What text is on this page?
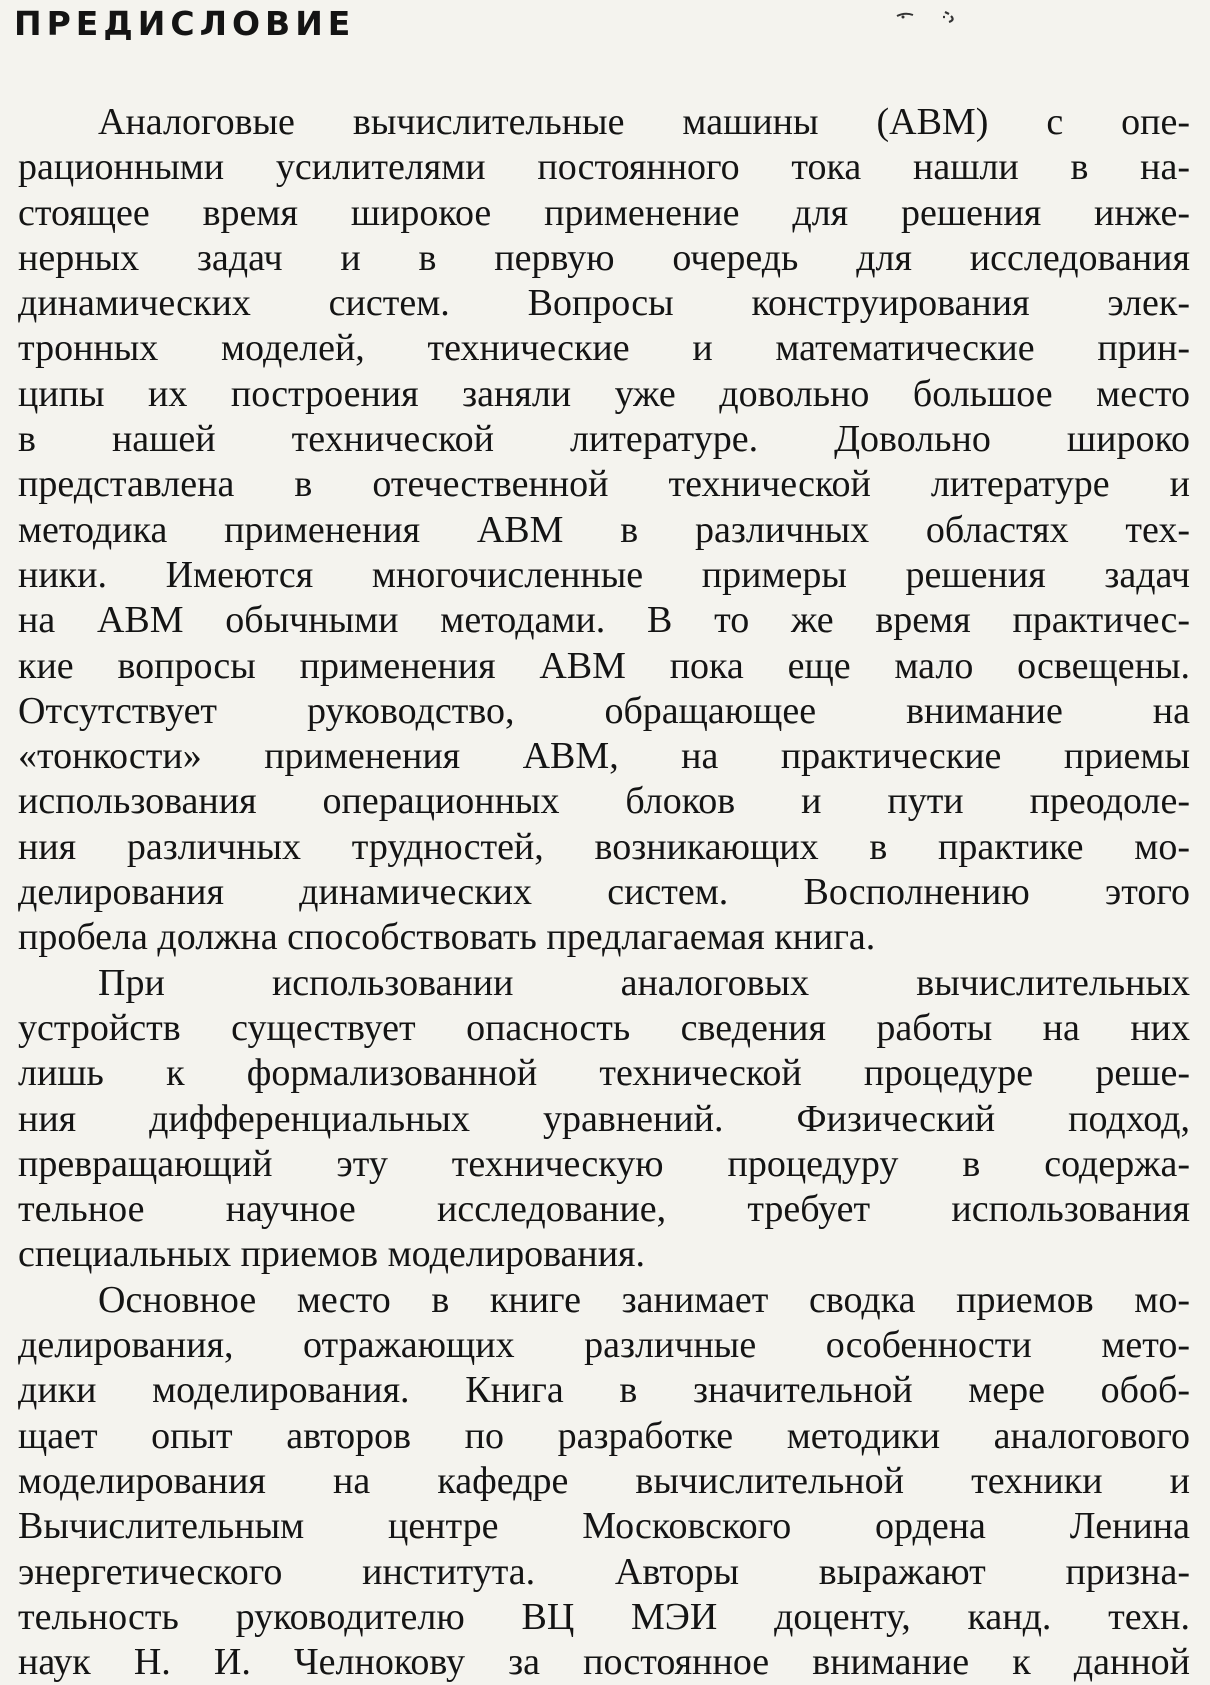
ПРЕДИСЛОВИЕ
Аналоговые вычислительные машины (АВМ) с опе-
рационными усилителями постоянного тока нашли в на-
стоящее время широкое применение для решения инже-
нерных задач и в первую очередь для исследования
динамических систем. Вопросы конструирования элек-
тронных моделей, технические и математические прин-
ципы их построения заняли уже довольно большое место
в нашей технической литературе. Довольно широко
представлена в отечественной технической литературе и
методика применения АВМ в различных областях тех-
ники. Имеются многочисленные примеры решения задач
на АВМ обычными методами. В то же время практичес-
кие вопросы применения АВМ пока еще мало освещены.
Отсутствует руководство, обращающее внимание на
«тонкости» применения АВМ, на практические приемы
использования операционных блоков и пути преодоле-
ния различных трудностей, возникающих в практике мо-
делирования динамических систем. Восполнению этого
пробела должна способствовать предлагаемая книга.
При использовании аналоговых вычислительных
устройств существует опасность сведения работы на них
лишь к формализованной технической процедуре реше-
ния дифференциальных уравнений. Физический подход,
превращающий эту техническую процедуру в содержа-
тельное научное исследование, требует использования
специальных приемов моделирования.
Основное место в книге занимает сводка приемов мо-
делирования, отражающих различные особенности мето-
дики моделирования. Книга в значительной мере обоб-
щает опыт авторов по разработке методики аналогового
моделирования на кафедре вычислительной техники и
Вычислительным центре Московского ордена Ленина
энергетического института. Авторы выражают призна-
тельность руководителю ВЦ МЭИ доценту, канд. техн.
наук Н. И. Челнокову за постоянное внимание к данной
